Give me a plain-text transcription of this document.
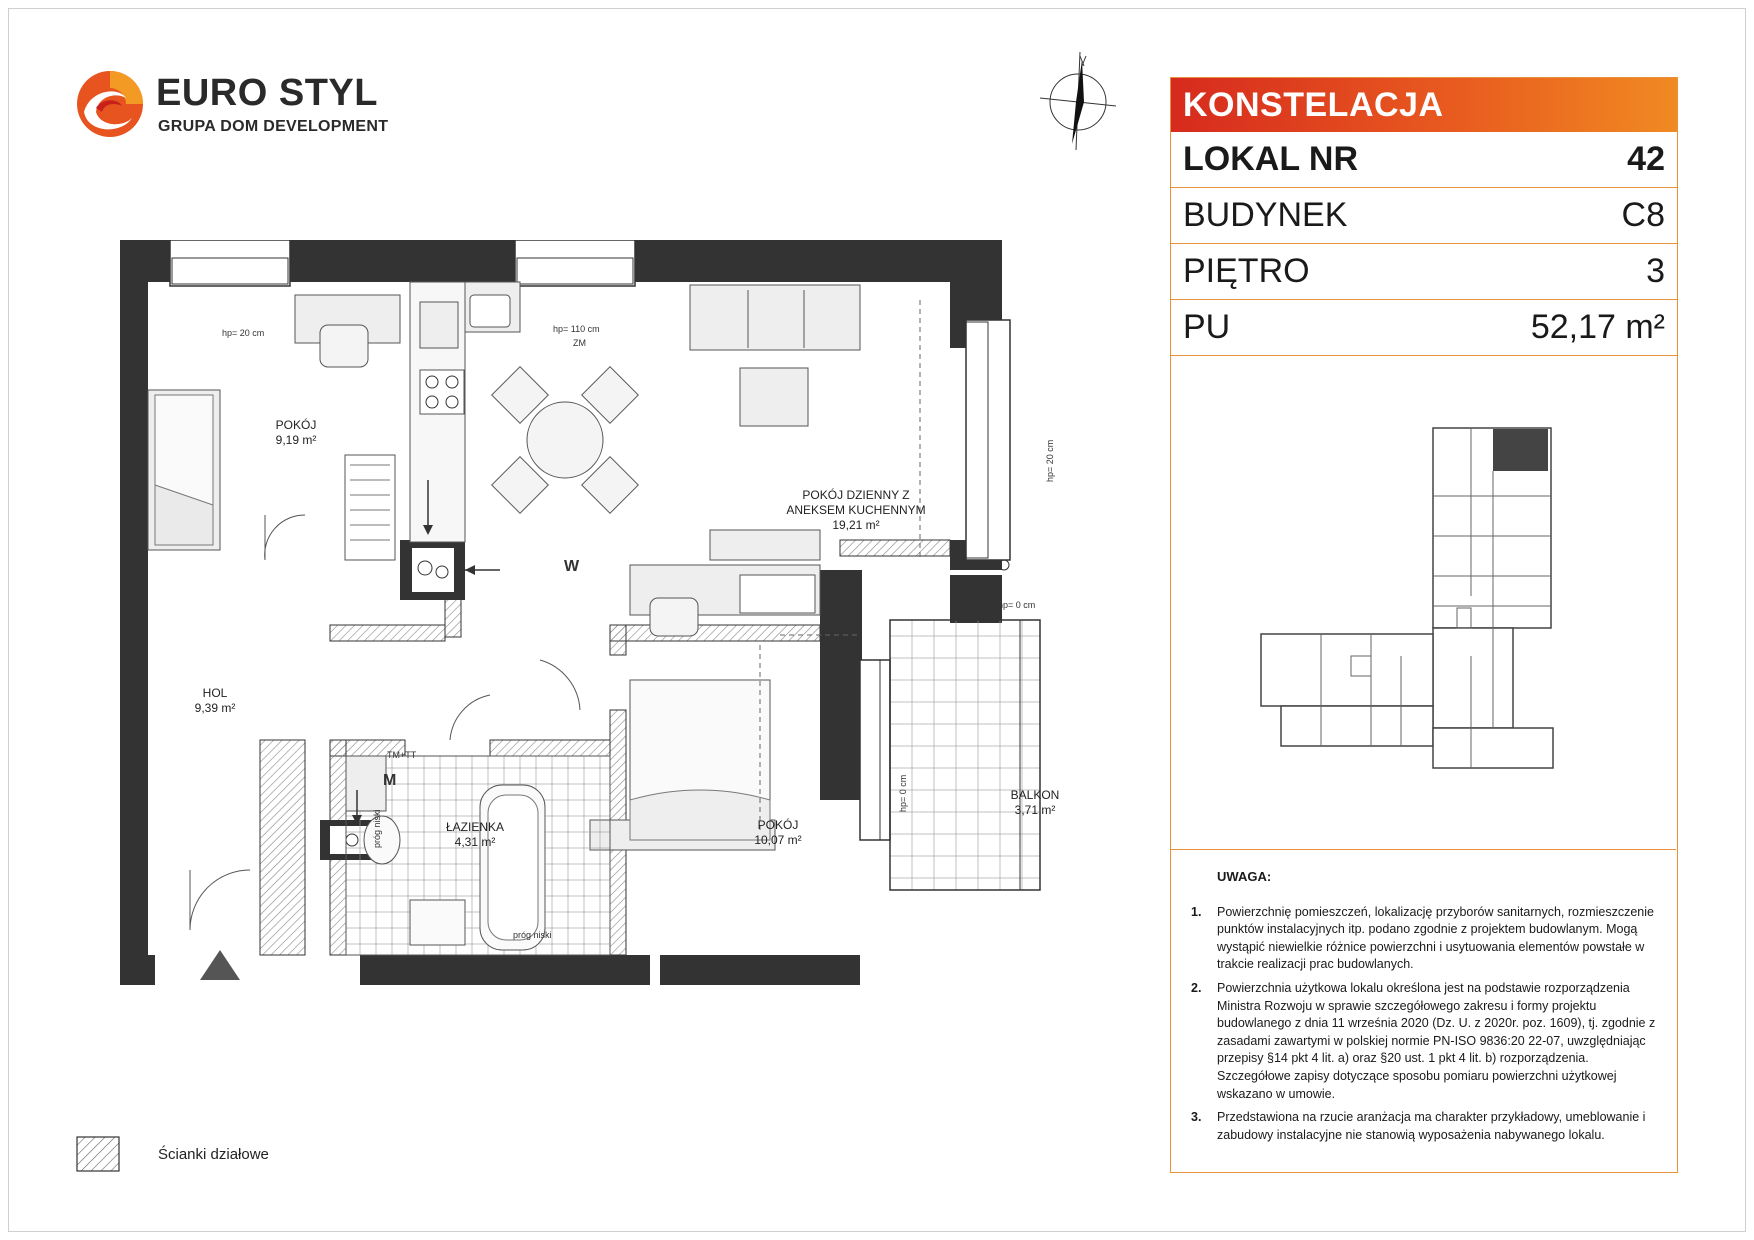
EURO STYL
GRUPA DOM DEVELOPMENT
POKÓJ
9,19 m²
POKÓJ DZIENNY Z
ANEKSEM KUCHENNYM
19,21 m²
HOL
9,39 m²
ŁAZIENKA
4,31 m²
POKÓJ
10,07 m²
BALKON
3,71 m²
hp= 20 cm	hp= 110 cm
ZM
hp= 20 cm
hp= 0 cm
hp= 0 cm
TM+TT
próg niski
próg niski
W
M
KONSTELACJA
LOKAL NR	42
BUDYNEK	C8
PIĘTRO	3
PU	52,17 m²
UWAGA:
1.	Powierzchnię pomieszczeń, lokalizację przyborów sanitarnych, rozmieszczenie punktów instalacyjnych itp. podano zgodnie z projektem budowlanym. Mogą wystąpić niewielkie różnice powierzchni i usytuowania elementów powstałe w trakcie realizacji prac budowlanych.
2.	Powierzchnia użytkowa lokalu określona jest na podstawie rozporządzenia Ministra Rozwoju w sprawie szczegółowego zakresu i formy projektu budowlanego z dnia 11 września 2020 (Dz. U. z 2020r. poz. 1609), tj. zgodnie z zasadami zawartymi w polskiej normie PN-ISO 9836:20 22-07, uwzględniając przepisy §14 pkt 4 lit. a) oraz §20 ust. 1 pkt 4 lit. b) rozporządzenia. Szczegółowe zapisy dotyczące sposobu pomiaru powierzchni użytkowej wskazano w umowie.
3.	Przedstawiona na rzucie aranżacja ma charakter przykładowy, umeblowanie i zabudowy instalacyjne nie stanowią wyposażenia nabywanego lokalu.
Ścianki działowe
